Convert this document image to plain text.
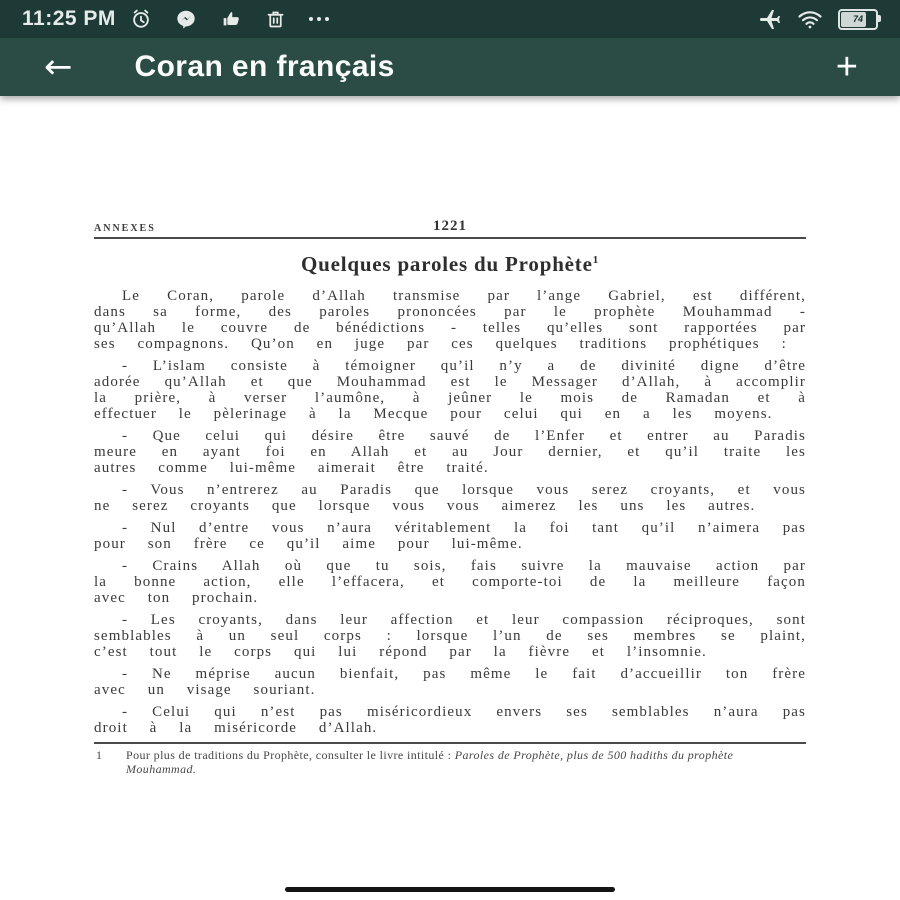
11:25 PM	74
← Coran en français	+
ANNEXES	1221
Quelques paroles du Prophète$^1$

Le Coran, parole d’Allah transmise par l’ange Gabriel, est différent, dans sa forme, des paroles prononcées par le prophète Mouhammad - qu’Allah le couvre de bénédictions - telles qu’elles sont rapportées par ses compagnons. Qu’on en juge par ces quelques traditions prophétiques :

- L’islam consiste à témoigner qu’il n’y a de divinité digne d’être adorée qu’Allah et que Mouhammad est le Messager d’Allah, à accomplir la prière, à verser l’aumône, à jeûner le mois de Ramadan et à effectuer le pèlerinage à la Mecque pour celui qui en a les moyens.

- Que celui qui désire être sauvé de l’Enfer et entrer au Paradis meure en ayant foi en Allah et au Jour dernier, et qu’il traite les autres comme lui-même aimerait être traité.

- Vous n’entrerez au Paradis que lorsque vous serez croyants, et vous ne serez croyants que lorsque vous vous aimerez les uns les autres.

- Nul d’entre vous n’aura véritablement la foi tant qu’il n’aimera pas pour son frère ce qu’il aime pour lui-même.

- Crains Allah où que tu sois, fais suivre la mauvaise action par la bonne action, elle l’effacera, et comporte-toi de la meilleure façon avec ton prochain.

- Les croyants, dans leur affection et leur compassion réciproques, sont semblables à un seul corps : lorsque l’un de ses membres se plaint, c’est tout le corps qui lui répond par la fièvre et l’insomnie.

- Ne méprise aucun bienfait, pas même le fait d’accueillir ton frère avec un visage souriant.

- Celui qui n’est pas miséricordieux envers ses semblables n’aura pas droit à la miséricorde d’Allah.

1	Pour plus de traditions du Prophète, consulter le livre intitulé : Paroles de Prophète, plus de 500 hadiths du prophète Mouhammad.
